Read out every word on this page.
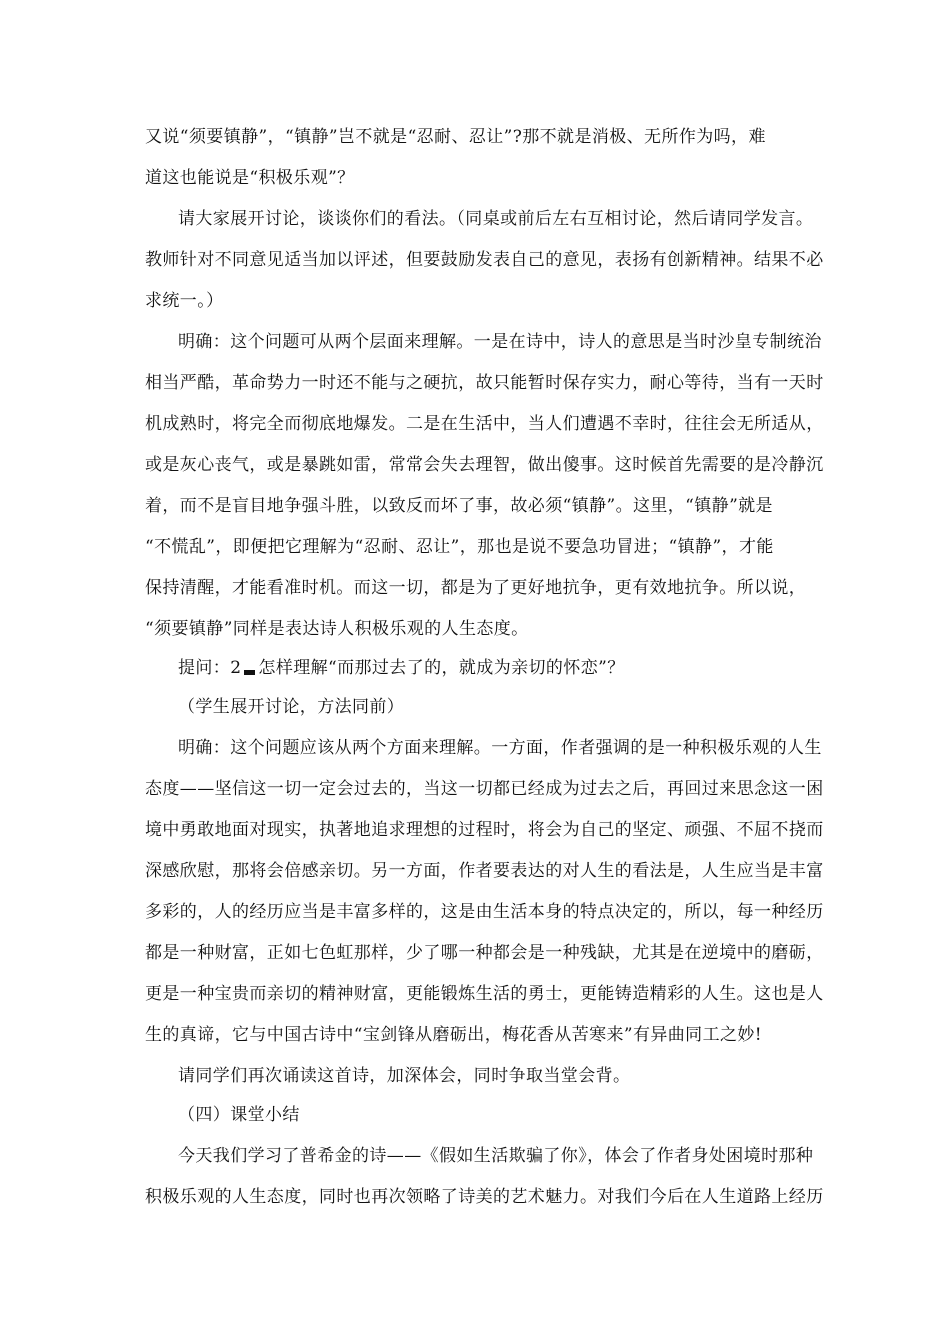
又说“须要镇静”，“镇静”岂不就是“忍耐、忍让”?那不就是消极、无所作为吗，难
道这也能说是“积极乐观”？
请大家展开讨论，谈谈你们的看法。（同桌或前后左右互相讨论，然后请同学发言。
教师针对不同意见适当加以评述，但要鼓励发表自己的意见，表扬有创新精神。结果不必
求统一。）
明确：这个问题可从两个层面来理解。一是在诗中，诗人的意思是当时沙皇专制统治
相当严酷，革命势力一时还不能与之硬抗，故只能暂时保存实力，耐心等待，当有一天时
机成熟时，将完全而彻底地爆发。二是在生活中，当人们遭遇不幸时，往往会无所适从，
或是灰心丧气，或是暴跳如雷，常常会失去理智，做出傻事。这时候首先需要的是冷静沉
着，而不是盲目地争强斗胜，以致反而坏了事，故必须“镇静”。这里，“镇静”就是
“不慌乱”，即便把它理解为“忍耐、忍让”，那也是说不要急功冒进；“镇静”，才能
保持清醒，才能看准时机。而这一切，都是为了更好地抗争，更有效地抗争。所以说，
“须要镇静”同样是表达诗人积极乐观的人生态度。
提问：2 怎样理解“而那过去了的，就成为亲切的怀恋”？
（学生展开讨论，方法同前）
明确：这个问题应该从两个方面来理解。一方面，作者强调的是一种积极乐观的人生
态度——坚信这一切一定会过去的，当这一切都已经成为过去之后，再回过来思念这一困
境中勇敢地面对现实，执著地追求理想的过程时，将会为自己的坚定、顽强、不屈不挠而
深感欣慰，那将会倍感亲切。另一方面，作者要表达的对人生的看法是，人生应当是丰富
多彩的，人的经历应当是丰富多样的，这是由生活本身的特点决定的，所以，每一种经历
都是一种财富，正如七色虹那样，少了哪一种都会是一种残缺，尤其是在逆境中的磨砺，
更是一种宝贵而亲切的精神财富，更能锻炼生活的勇士，更能铸造精彩的人生。这也是人
生的真谛，它与中国古诗中“宝剑锋从磨砺出，梅花香从苦寒来”有异曲同工之妙!
请同学们再次诵读这首诗，加深体会，同时争取当堂会背。
（四）课堂小结
今天我们学习了普希金的诗——《假如生活欺骗了你》，体会了作者身处困境时那种
积极乐观的人生态度，同时也再次领略了诗美的艺术魅力。对我们今后在人生道路上经历
